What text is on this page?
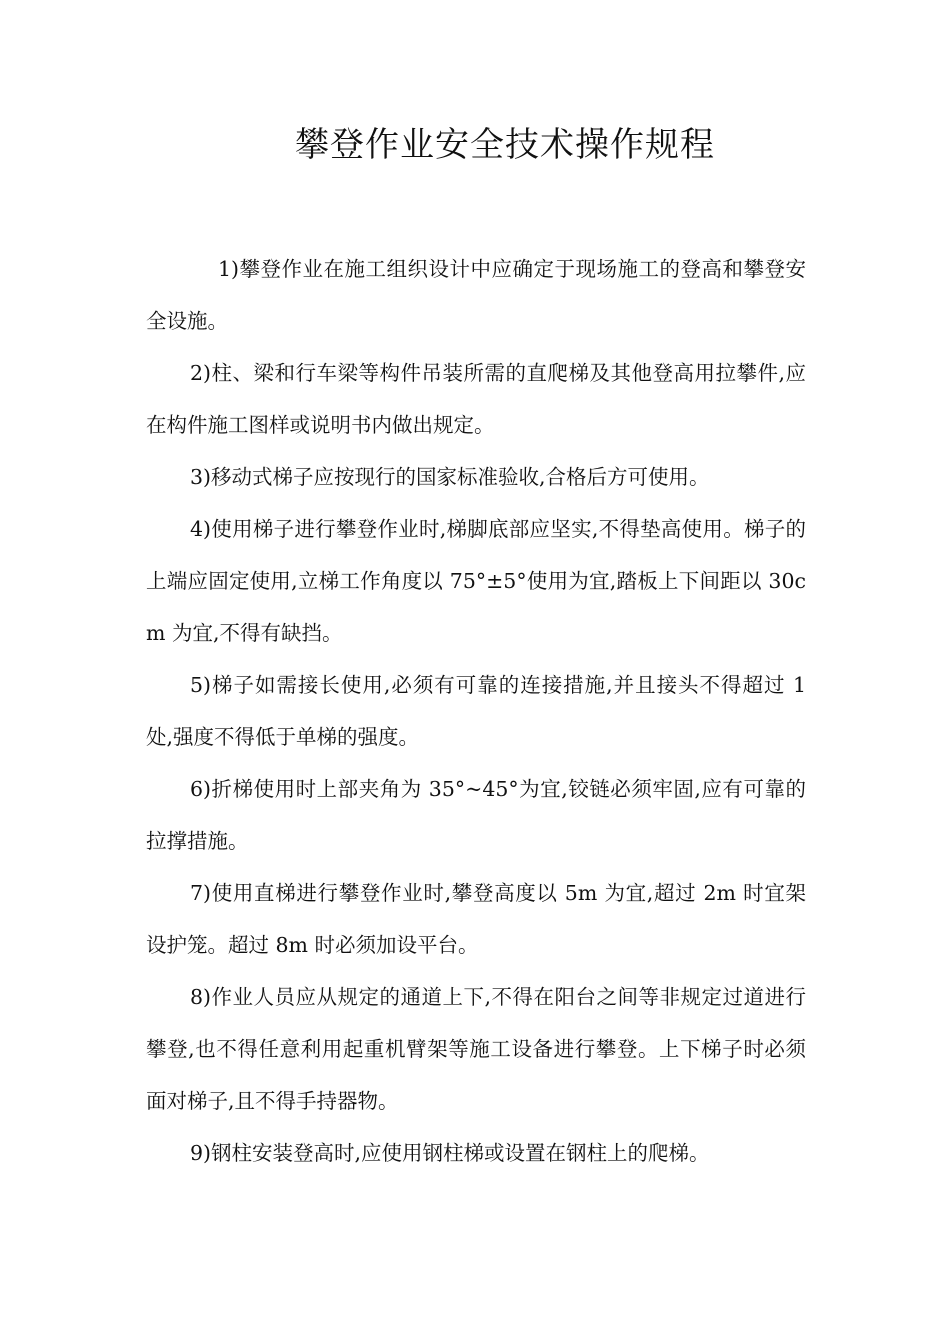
攀登作业安全技术操作规程

1)攀登作业在施工组织设计中应确定于现场施工的登高和攀登安全设施。

2)柱、梁和行车梁等构件吊装所需的直爬梯及其他登高用拉攀件,应在构件施工图样或说明书内做出规定。

3)移动式梯子应按现行的国家标准验收,合格后方可使用。

4)使用梯子进行攀登作业时,梯脚底部应坚实,不得垫高使用。梯子的上端应固定使用,立梯工作角度以 75°±5°使用为宜,踏板上下间距以 30cm 为宜,不得有缺挡。

5)梯子如需接长使用,必须有可靠的连接措施,并且接头不得超过 1 处,强度不得低于单梯的强度。

6)折梯使用时上部夹角为 35°~45°为宜,铰链必须牢固,应有可靠的拉撑措施。

7)使用直梯进行攀登作业时,攀登高度以 5m 为宜,超过 2m 时宜架设护笼。超过 8m 时必须加设平台。

8)作业人员应从规定的通道上下,不得在阳台之间等非规定过道进行攀登,也不得任意利用起重机臂架等施工设备进行攀登。上下梯子时必须面对梯子,且不得手持器物。

9)钢柱安装登高时,应使用钢柱梯或设置在钢柱上的爬梯。
